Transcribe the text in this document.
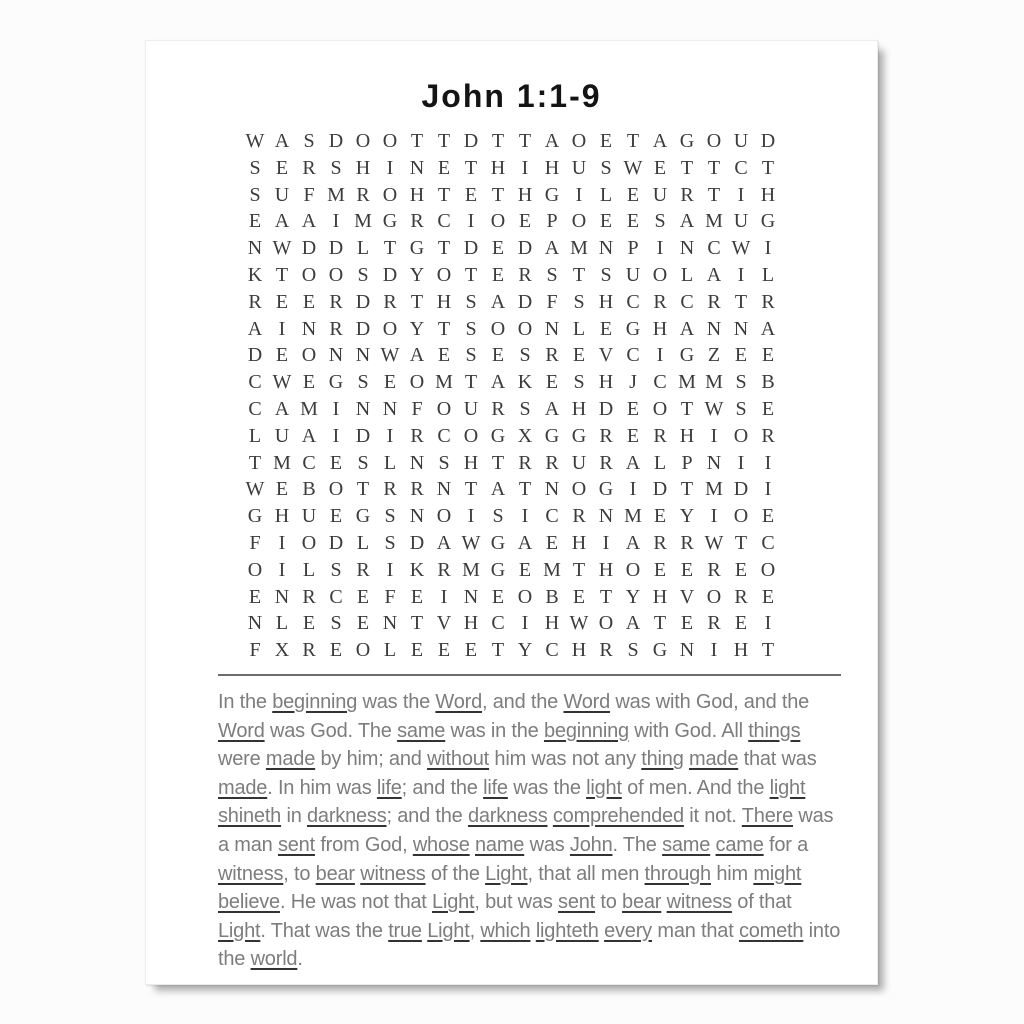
John 1:1-9
W A S D O O T T D T T A O E T A G O U D
S E R S H I N E T H I H U S W E T T C T
S U F M R O H T E T H G I L E U R T I H
E A A I M G R C I O E P O E E S A M U G
N W D D L T G T D E D A M N P I N C W I
K T O O S D Y O T E R S T S U O L A I L
R E E R D R T H S A D F S H C R C R T R
A I N R D O Y T S O O N L E G H A N N A
D E O N N W A E S E S R E V C I G Z E E
C W E G S E O M T A K E S H J C M M S B
C A M I N N F O U R S A H D E O T W S E
L U A I D I R C O G X G G R E R H I O R
T M C E S L N S H T R R U R A L P N I	I
W E B O T R R N T A T N O G I D T M D I
G H U E G S N O I S I C R N M E Y I O E
F I O D L S D A W G A E H I A R R W T C
O I L S R I K R M G E M T H O E E R E O
E N R C E F E I N E O B E T Y H V O R E
N L E S E N T V H C I H W O A T E R E I
F X R E O L E E E T Y C H R S G N I H T
In the beginning was the Word, and the Word was with God, and the Word was God. The same was in the beginning with God. All things were made by him; and without him was not any thing made that was made. In him was life; and the life was the light of men. And the light shineth in darkness; and the darkness comprehended it not. There was a man sent from God, whose name was John. The same came for a witness, to bear witness of the Light, that all men through him might believe. He was not that Light, but was sent to bear witness of that Light. That was the true Light, which lighteth every man that cometh into the world.
